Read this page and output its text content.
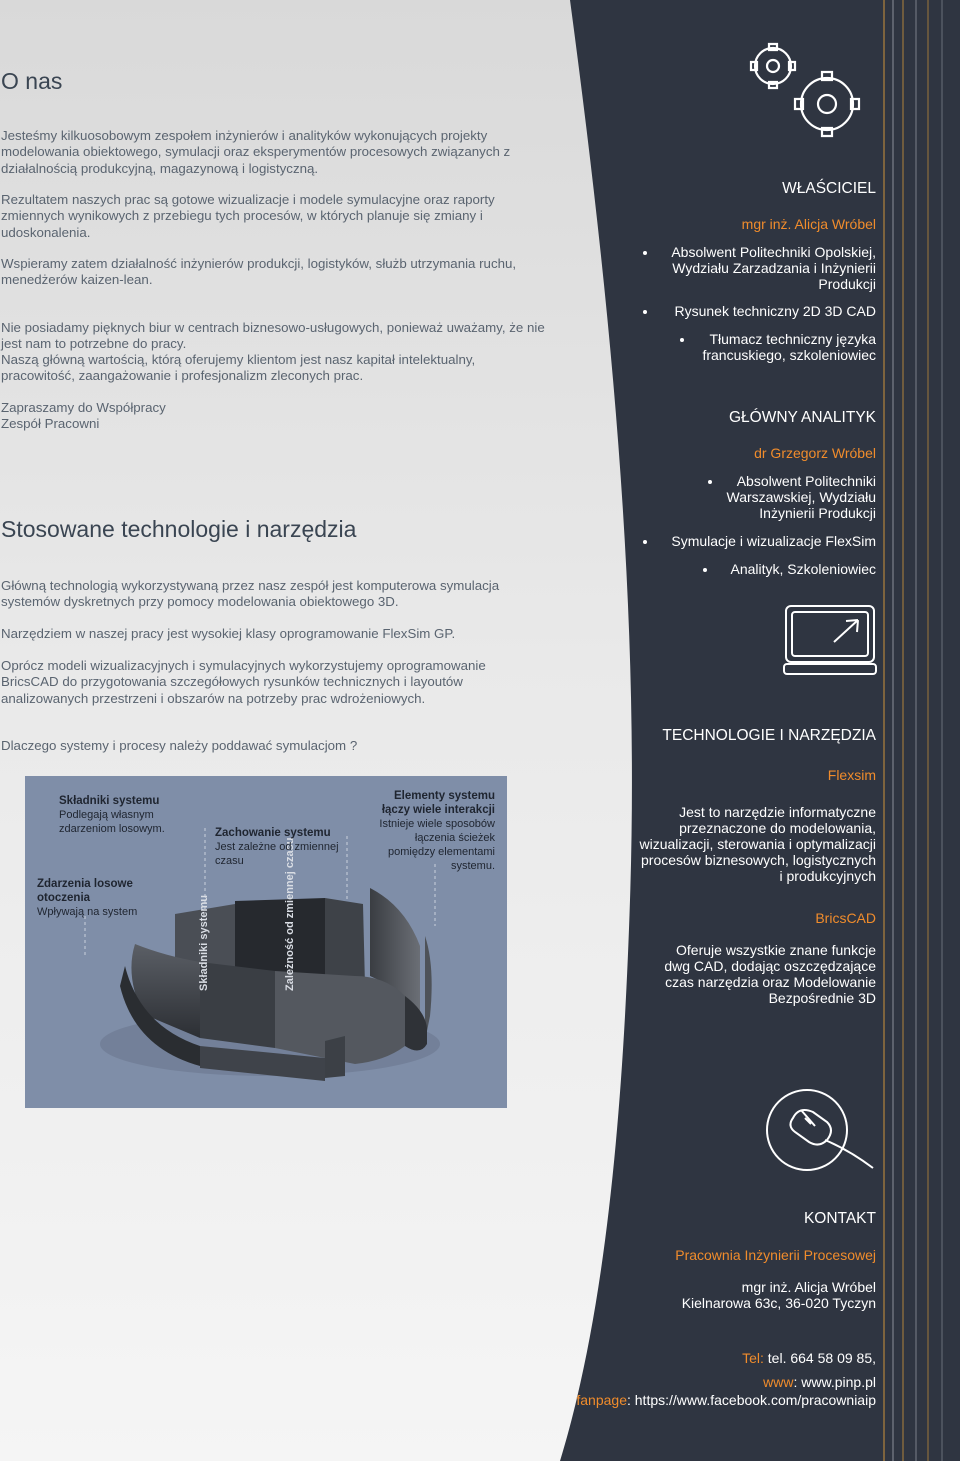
O nas
Jesteśmy kilkuosobowym zespołem inżynierów i analityków wykonujących projekty modelowania obiektowego, symulacji oraz eksperymentów procesowych związanych z działalnością produkcyjną, magazynową i logistyczną.
Rezultatem naszych prac są gotowe wizualizacje i modele symulacyjne oraz raporty zmiennych wynikowych z przebiegu tych procesów, w których planuje się zmiany i udoskonalenia.
Wspieramy zatem działalność inżynierów produkcji, logistyków, służb utrzymania ruchu, menedżerów kaizen-lean.
Nie posiadamy pięknych biur w centrach biznesowo-usługowych, ponieważ uważamy, że nie jest nam to potrzebne do pracy.
Naszą główną wartością, którą oferujemy klientom jest nasz kapitał intelektualny, pracowitość, zaangażowanie i profesjonalizm zleconych prac.
Zapraszamy do Współpracy
Zespół Pracowni
Stosowane technologie i narzędzia
Główną technologią wykorzystywaną przez nasz zespół jest komputerowa symulacja systemów dyskretnych przy pomocy modelowania obiektowego 3D.
Narzędziem w naszej pracy jest wysokiej klasy oprogramowanie FlexSim GP.
Oprócz modeli wizualizacyjnych i symulacyjnych wykorzystujemy oprogramowanie BricsCAD do przygotowania szczegółowych rysunków technicznych i layoutów analizowanych przestrzeni i obszarów na potrzeby prac wdrożeniowych.
Dlaczego systemy i procesy należy poddawać symulacjom ?
Składniki systemu	Zależność od zmiennej czasu
Składniki systemu
Podlegają własnym zdarzeniom losowym.	Zachowanie systemu
Jest zależne od zmiennej czasu
Elementy systemu łączy wiele interakcji
Istnieje wiele sposobów łączenia ścieżek pomiędzy elementami systemu.
Zdarzenia losowe otoczenia
Wpływają na system
WŁAŚCICIEL
mgr inż. Alicja Wróbel
Absolwent Politechniki Opolskiej, Wydziału Zarzadzania i Inżynierii Produkcji
Rysunek techniczny 2D 3D CAD
Tłumacz techniczny języka francuskiego, szkoleniowiec
GŁÓWNY ANALITYK
dr Grzegorz Wróbel
Absolwent Politechniki Warszawskiej, Wydziału Inżynierii Produkcji
Symulacje i wizualizacje FlexSim
Analityk, Szkoleniowiec
TECHNOLOGIE I NARZĘDZIA
Flexsim
Jest to narzędzie informatyczne przeznaczone do modelowania, wizualizacji, sterowania i optymalizacji procesów biznesowych, logistycznych i produkcyjnych
BricsCAD
Oferuje wszystkie znane funkcje dwg CAD, dodając oszczędzające czas narzędzia oraz Modelowanie Bezpośrednie 3D
KONTAKT
Pracownia Inżynierii Procesowej
mgr inż. Alicja Wróbel
Kielnarowa 63c, 36-020 Tyczyn
Tel: tel. 664 58 09 85,
www: www.pinp.pl
fanpage: https://www.facebook.com/pracowniaip
